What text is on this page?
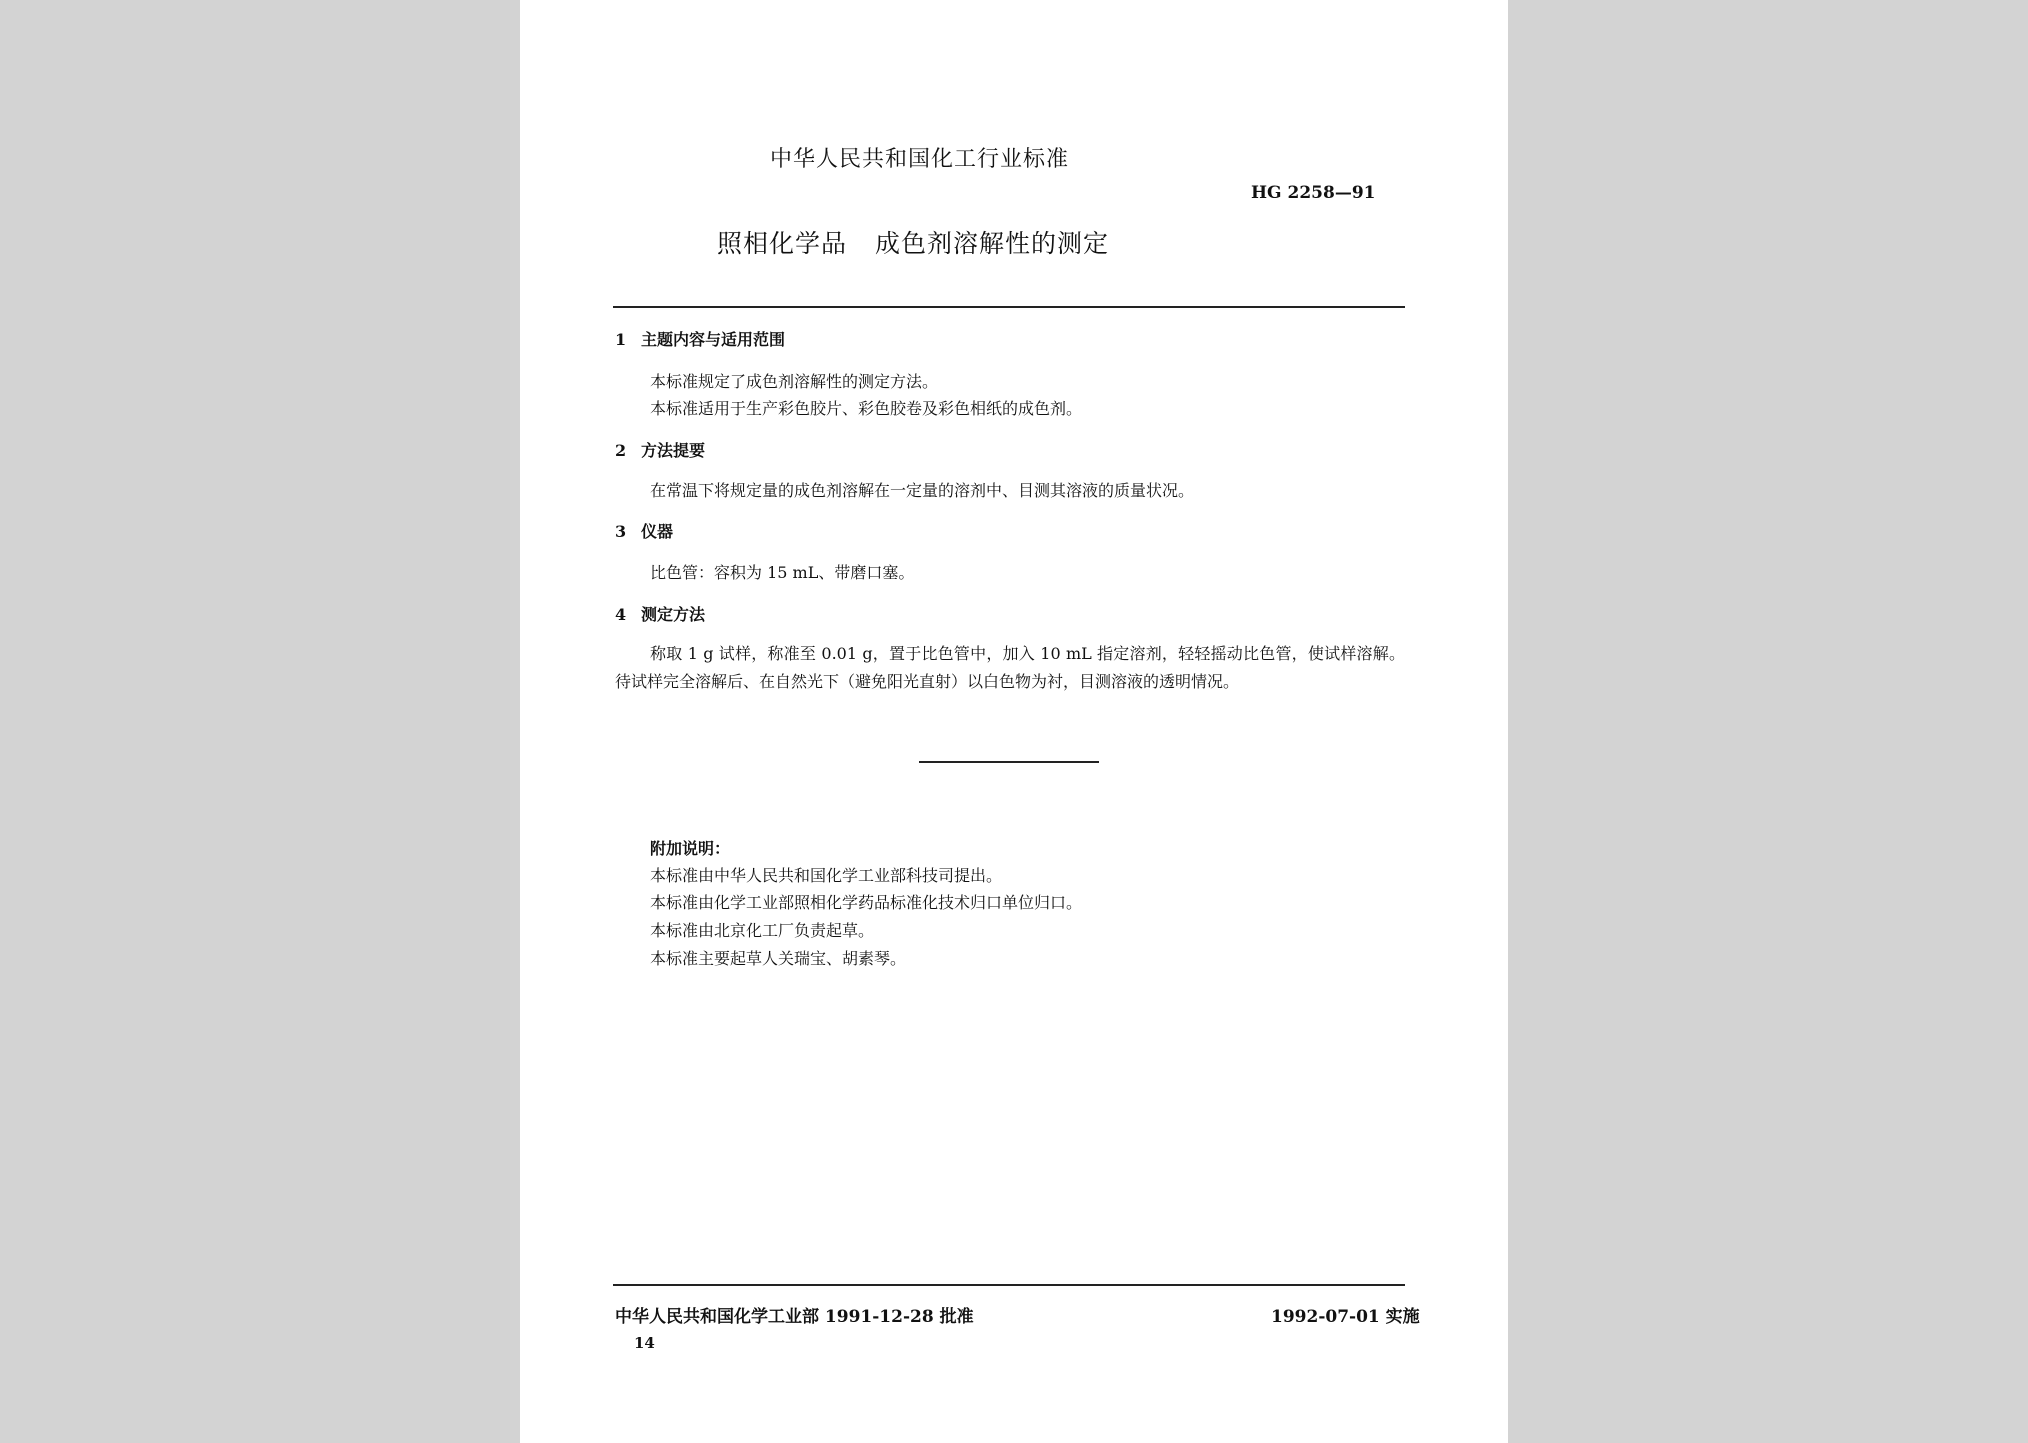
中华人民共和国化工行业标准
HG 2258—91
照相化学品 成色剂溶解性的测定
1 主题内容与适用范围
本标准规定了成色剂溶解性的测定方法。
本标准适用于生产彩色胶片、彩色胶卷及彩色相纸的成色剂。
2 方法提要
在常温下将规定量的成色剂溶解在一定量的溶剂中、目测其溶液的质量状况。
3 仪器
比色管：容积为 15 mL、带磨口塞。
4 测定方法
称取 1 g 试样，称准至 0.01 g，置于比色管中，加入 10 mL 指定溶剂，轻轻摇动比色管，使试样溶解。待试样完全溶解后、在自然光下（避免阳光直射）以白色物为衬，目测溶液的透明情况。
附加说明：
本标准由中华人民共和国化学工业部科技司提出。
本标准由化学工业部照相化学药品标准化技术归口单位归口。
本标准由北京化工厂负责起草。
本标准主要起草人关瑞宝、胡素琴。
中华人民共和国化学工业部 1991-12-28 批准	1992-07-01 实施
14
